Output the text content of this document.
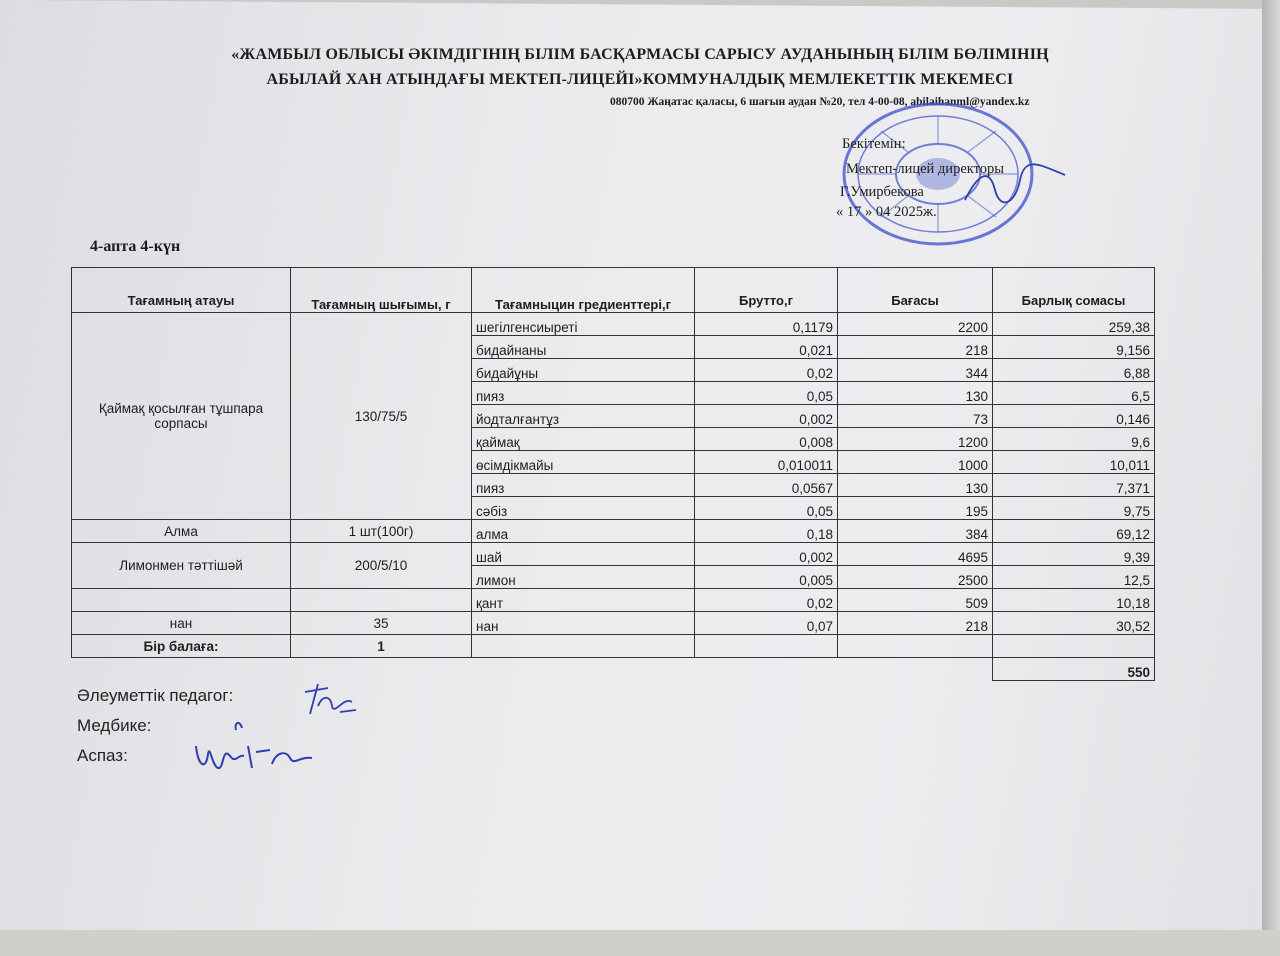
«ЖАМБЫЛ ОБЛЫСЫ ӘКІМДІГІНІҢ БІЛІМ БАСҚАРМАСЫ САРЫСУ АУДАНЫНЫҢ БІЛІМ БӨЛІМІНІҢ
АБЫЛАЙ ХАН АТЫНДАҒЫ МЕКТЕП-ЛИЦЕЙІ»КОММУНАЛДЫҚ МЕМЛЕКЕТТІК МЕКЕМЕСІ
080700 Жаңатас қаласы, 6 шағын аудан №20, тел 4-00-08, abilaihanml@yandex.kz
Бекітемін:
Мектеп-лицей директоры
Г.Умирбекова
« 17 » 04 2025ж.
4-апта 4-күн
Тағамның атауы	Тағамның шығымы, г	Тағамныцин гредиенттері,г	Брутто,г	Бағасы	Барлық сомасы
Қаймақ қосылған тұшпара сорпасы	130/75/5	шегілгенсиыреті	0,1179	2200	259,38
		бидайнаны	0,021	218	9,156
		бидайұны	0,02	344	6,88
		пияз	0,05	130	6,5
		йодталғантұз	0,002	73	0,146
		қаймақ	0,008	1200	9,6
		өсімдікмайы	0,010011	1000	10,011
		пияз	0,0567	130	7,371
		сәбіз	0,05	195	9,75
Алма	1 шт(100г)	алма	0,18	384	69,12
Лимонмен тәттішәй	200/5/10	шай	0,002	4695	9,39
		лимон	0,005	2500	12,5
		қант	0,02	509	10,18
нан	35	нан	0,07	218	30,52
Бір балаға:	1				
					550
Әлеуметтік педагог:
Медбике:
Аспаз:
